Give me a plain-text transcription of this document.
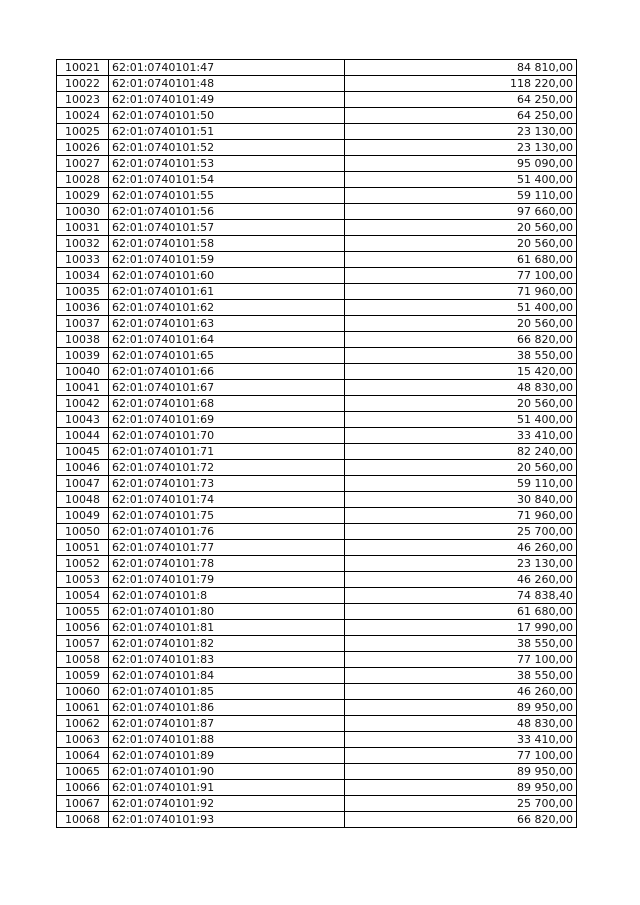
10021	62:01:0740101:47	84 810,00
10022	62:01:0740101:48	118 220,00
10023	62:01:0740101:49	64 250,00
10024	62:01:0740101:50	64 250,00
10025	62:01:0740101:51	23 130,00
10026	62:01:0740101:52	23 130,00
10027	62:01:0740101:53	95 090,00
10028	62:01:0740101:54	51 400,00
10029	62:01:0740101:55	59 110,00
10030	62:01:0740101:56	97 660,00
10031	62:01:0740101:57	20 560,00
10032	62:01:0740101:58	20 560,00
10033	62:01:0740101:59	61 680,00
10034	62:01:0740101:60	77 100,00
10035	62:01:0740101:61	71 960,00
10036	62:01:0740101:62	51 400,00
10037	62:01:0740101:63	20 560,00
10038	62:01:0740101:64	66 820,00
10039	62:01:0740101:65	38 550,00
10040	62:01:0740101:66	15 420,00
10041	62:01:0740101:67	48 830,00
10042	62:01:0740101:68	20 560,00
10043	62:01:0740101:69	51 400,00
10044	62:01:0740101:70	33 410,00
10045	62:01:0740101:71	82 240,00
10046	62:01:0740101:72	20 560,00
10047	62:01:0740101:73	59 110,00
10048	62:01:0740101:74	30 840,00
10049	62:01:0740101:75	71 960,00
10050	62:01:0740101:76	25 700,00
10051	62:01:0740101:77	46 260,00
10052	62:01:0740101:78	23 130,00
10053	62:01:0740101:79	46 260,00
10054	62:01:0740101:8	74 838,40
10055	62:01:0740101:80	61 680,00
10056	62:01:0740101:81	17 990,00
10057	62:01:0740101:82	38 550,00
10058	62:01:0740101:83	77 100,00
10059	62:01:0740101:84	38 550,00
10060	62:01:0740101:85	46 260,00
10061	62:01:0740101:86	89 950,00
10062	62:01:0740101:87	48 830,00
10063	62:01:0740101:88	33 410,00
10064	62:01:0740101:89	77 100,00
10065	62:01:0740101:90	89 950,00
10066	62:01:0740101:91	89 950,00
10067	62:01:0740101:92	25 700,00
10068	62:01:0740101:93	66 820,00
